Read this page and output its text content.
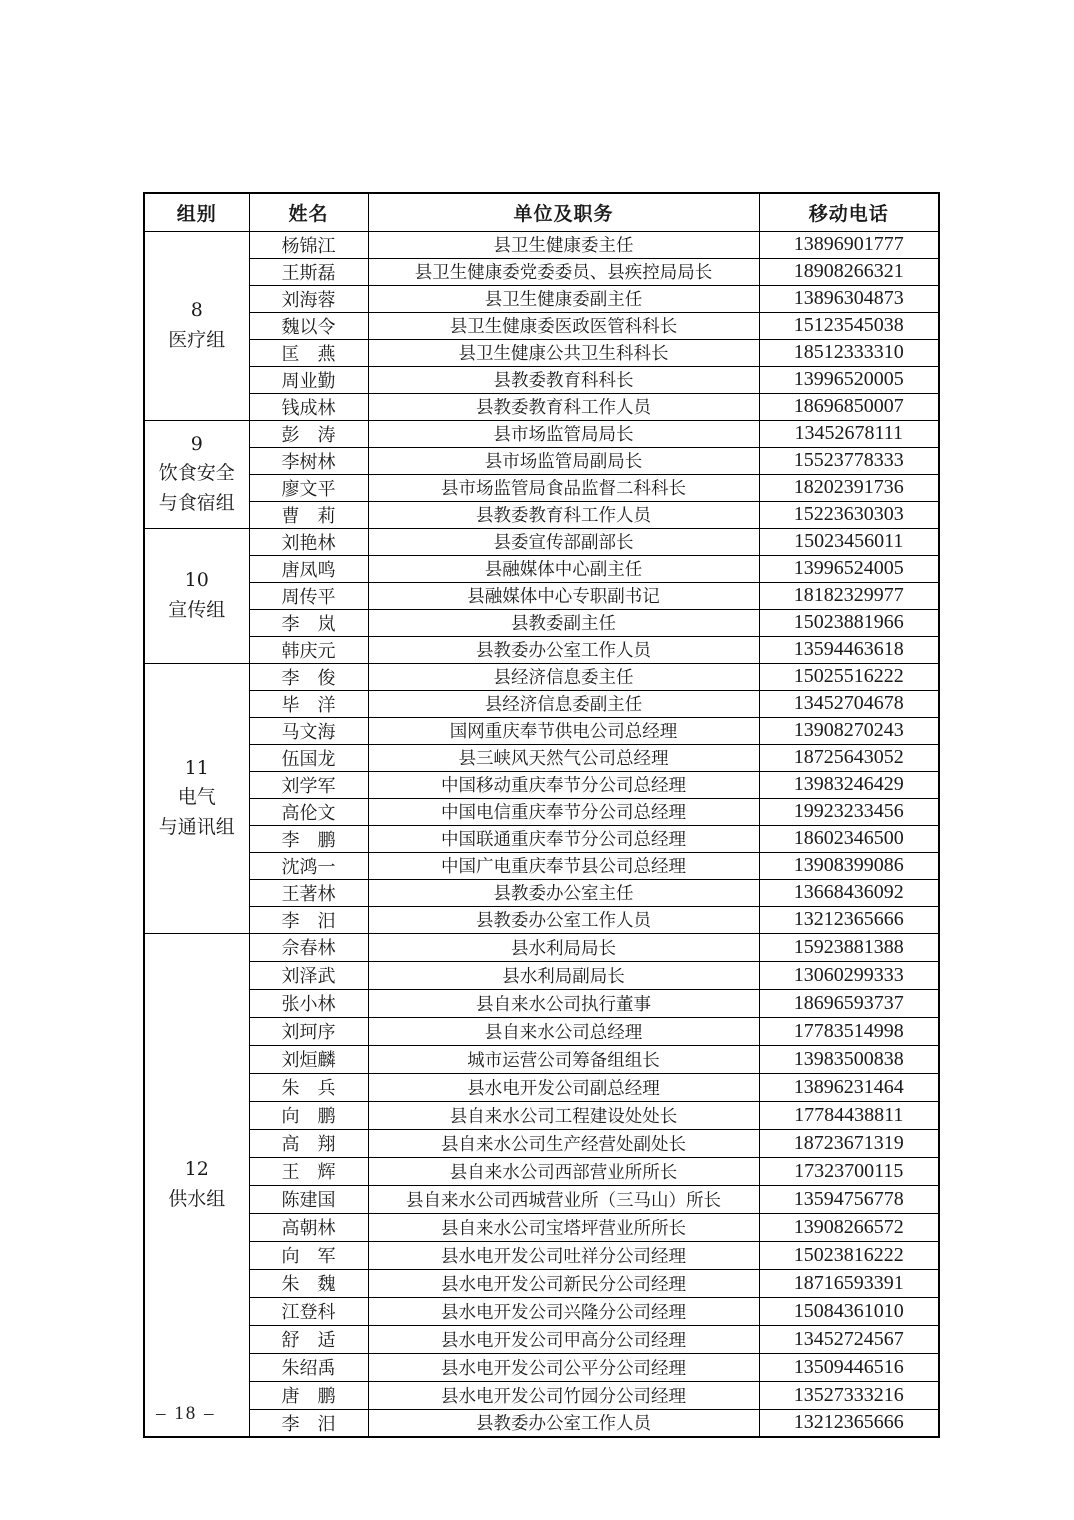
组别	姓名	单位及职务	移动电话

8
医疗组	杨锦江	县卫生健康委主任	13896901777
	王斯磊	县卫生健康委党委委员、县疾控局局长	18908266321
	刘海蓉	县卫生健康委副主任	13896304873
	魏以令	县卫生健康委医政医管科科长	15123545038
	匡　燕	县卫生健康公共卫生科科长	18512333310
	周业勤	县教委教育科科长	13996520005
	钱成林	县教委教育科工作人员	18696850007

9
饮食安全
与食宿组	彭　涛	县市场监管局局长	13452678111
	李树林	县市场监管局副局长	15523778333
	廖文平	县市场监管局食品监督二科科长	18202391736
	曹　莉	县教委教育科工作人员	15223630303

10
宣传组	刘艳林	县委宣传部副部长	15023456011
	唐凤鸣	县融媒体中心副主任	13996524005
	周传平	县融媒体中心专职副书记	18182329977
	李　岚	县教委副主任	15023881966
	韩庆元	县教委办公室工作人员	13594463618

11
电气
与通讯组	李　俊	县经济信息委主任	15025516222
	毕　洋	县经济信息委副主任	13452704678
	马文海	国网重庆奉节供电公司总经理	13908270243
	伍国龙	县三峡风天然气公司总经理	18725643052
	刘学军	中国移动重庆奉节分公司总经理	13983246429
	高伦文	中国电信重庆奉节分公司总经理	19923233456
	李　鹏	中国联通重庆奉节分公司总经理	18602346500
	沈鸿一	中国广电重庆奉节县公司总经理	13908399086
	王著林	县教委办公室主任	13668436092
	李　汨	县教委办公室工作人员	13212365666

12
供水组	佘春林	县水利局局长	15923881388
	刘泽武	县水利局副局长	13060299333
	张小林	县自来水公司执行董事	18696593737
	刘珂序	县自来水公司总经理	17783514998
	刘烜麟	城市运营公司筹备组组长	13983500838
	朱　兵	县水电开发公司副总经理	13896231464
	向　鹏	县自来水公司工程建设处处长	17784438811
	高　翔	县自来水公司生产经营处副处长	18723671319
	王　辉	县自来水公司西部营业所所长	17323700115
	陈建国	县自来水公司西城营业所（三马山）所长	13594756778
	高朝林	县自来水公司宝塔坪营业所所长	13908266572
	向　军	县水电开发公司吐祥分公司经理	15023816222
	朱　魏	县水电开发公司新民分公司经理	18716593391
	江登科	县水电开发公司兴隆分公司经理	15084361010
	舒　适	县水电开发公司甲高分公司经理	13452724567
	朱绍禹	县水电开发公司公平分公司经理	13509446516
	唐　鹏	县水电开发公司竹园分公司经理	13527333216
	李　汨	县教委办公室工作人员	13212365666
– 18 –
